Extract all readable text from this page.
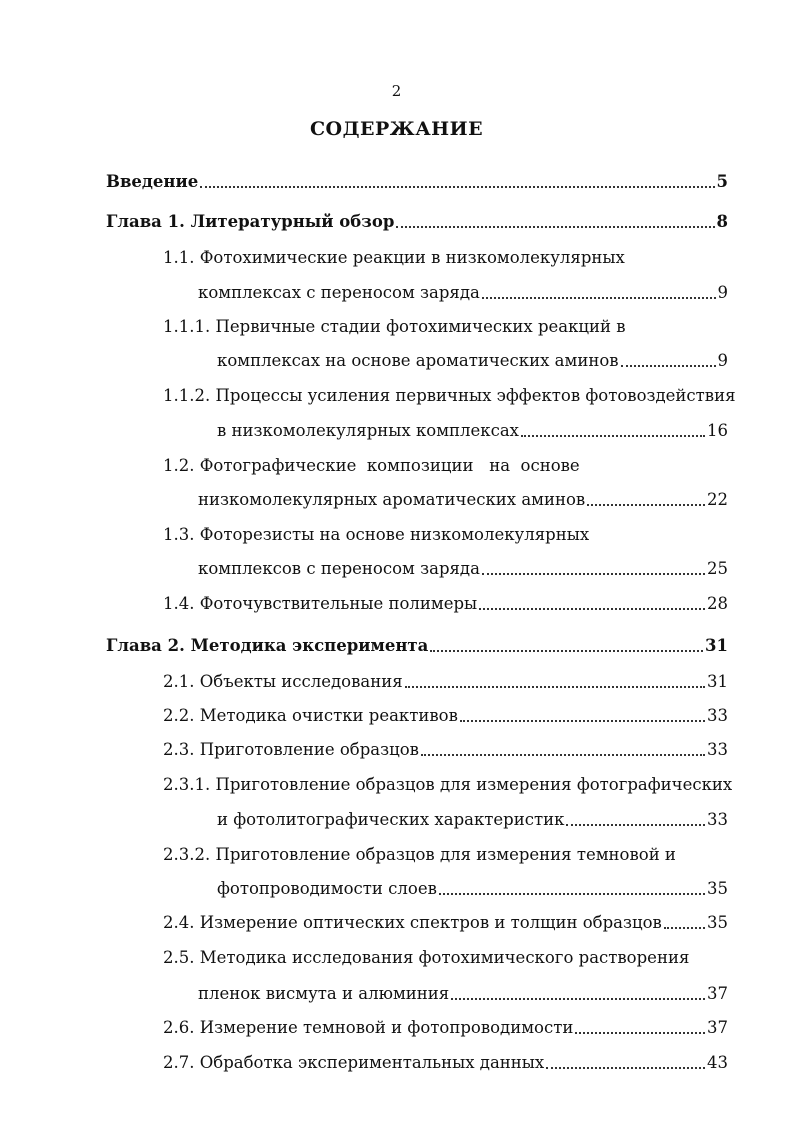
2
СОДЕРЖАНИЕ
Введение	5
Глава 1. Литературный обзор	8
1.1. Фотохимические реакции в низкомолекулярных
комплексах с переносом заряда	9
1.1.1. Первичные стадии фотохимических реакций в
комплексах на основе ароматических аминов	9
1.1.2. Процессы усиления первичных эффектов фотовоздействия
в низкомолекулярных комплексах	16
1.2. Фотографические  композиции   на  основе
низкомолекулярных ароматических аминов	22
1.3. Фоторезисты на основе низкомолекулярных
комплексов с переносом заряда	25
1.4. Фоточувствительные полимеры	28
Глава 2. Методика эксперимента	31
2.1. Объекты исследования	31
2.2. Методика очистки реактивов	33
2.3. Приготовление образцов	33
2.3.1. Приготовление образцов для измерения фотографических
и фотолитографических характеристик	33
2.3.2. Приготовление образцов для измерения темновой и
фотопроводимости слоев	35
2.4. Измерение оптических спектров и толщин образцов	35
2.5. Методика исследования фотохимического растворения
пленок висмута и алюминия	37
2.6. Измерение темновой и фотопроводимости	37
2.7. Обработка экспериментальных данных	43
